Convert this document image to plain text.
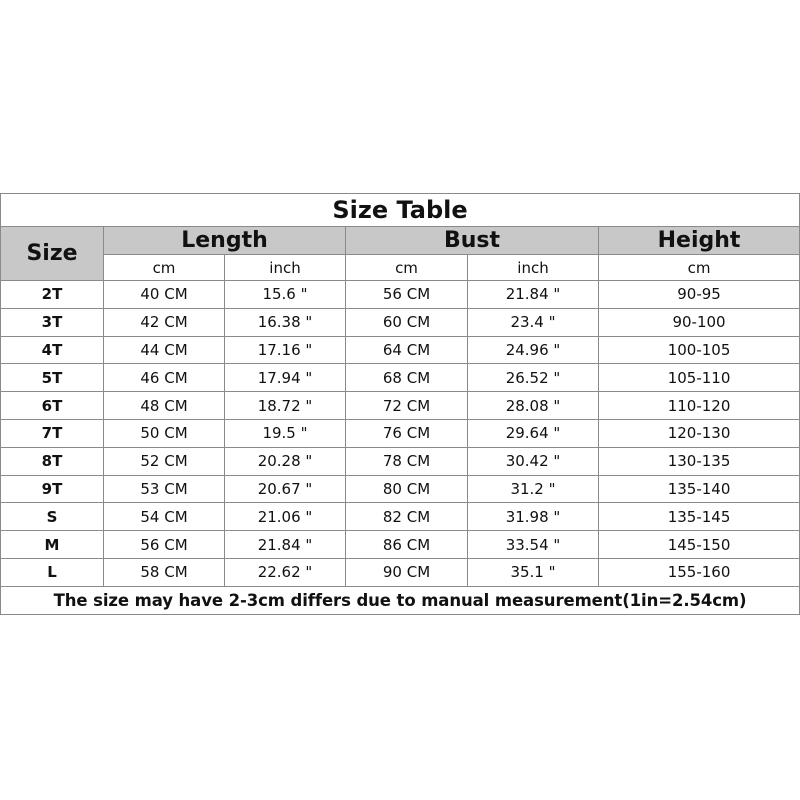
Size Table					
Size	Length		Bust		Height
	cm	inch	cm	inch	cm
2T	40 CM	15.6 "	56 CM	21.84 "	90-95
3T	42 CM	16.38 "	60 CM	23.4 "	90-100
4T	44 CM	17.16 "	64 CM	24.96 "	100-105
5T	46 CM	17.94 "	68 CM	26.52 "	105-110
6T	48 CM	18.72 "	72 CM	28.08 "	110-120
7T	50 CM	19.5 "	76 CM	29.64 "	120-130
8T	52 CM	20.28 "	78 CM	30.42 "	130-135
9T	53 CM	20.67 "	80 CM	31.2 "	135-140
S	54 CM	21.06 "	82 CM	31.98 "	135-145
M	56 CM	21.84 "	86 CM	33.54 "	145-150
L	58 CM	22.62 "	90 CM	35.1 "	155-160
The size may have 2-3cm differs due to manual measurement(1in=2.54cm)					
